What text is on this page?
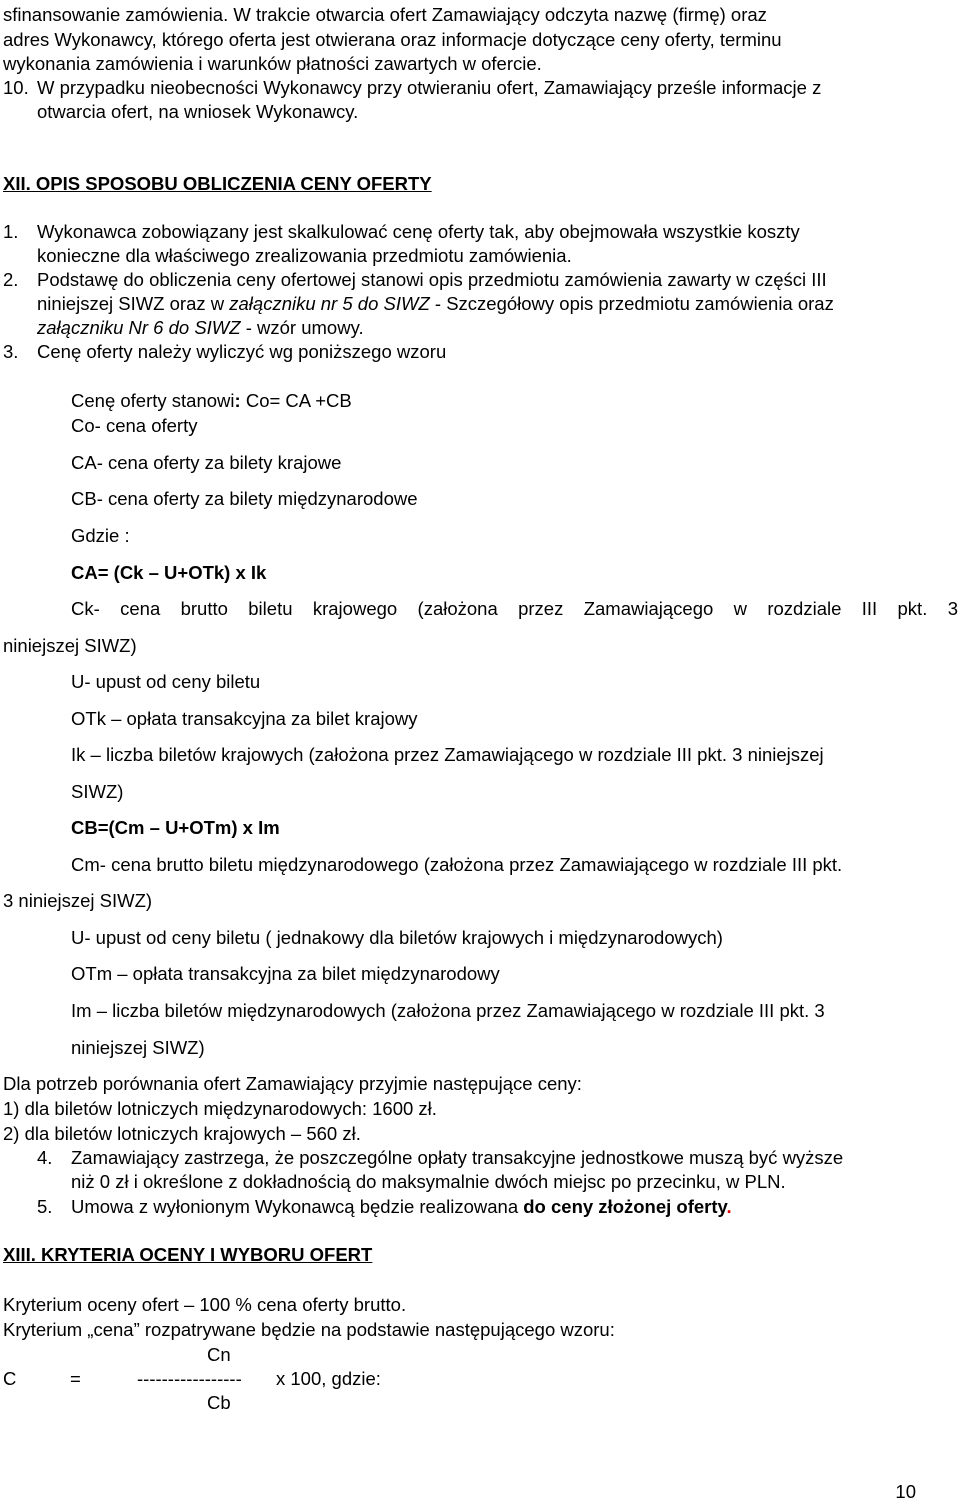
sfinansowanie zamówienia. W trakcie otwarcia ofert Zamawiający odczyta nazwę (firmę) oraz
adres Wykonawcy, którego oferta jest otwierana oraz informacje dotyczące ceny oferty, terminu
wykonania zamówienia i warunków płatności zawartych w ofercie.
10. W przypadku nieobecności Wykonawcy przy otwieraniu ofert, Zamawiający prześle informacje z
otwarcia ofert, na wniosek Wykonawcy.
XII. OPIS SPOSOBU OBLICZENIA CENY OFERTY
1. Wykonawca zobowiązany jest skalkulować cenę oferty tak, aby obejmowała wszystkie koszty
konieczne dla właściwego zrealizowania przedmiotu zamówienia.
2. Podstawę do obliczenia ceny ofertowej stanowi opis przedmiotu zamówienia zawarty w części III
niniejszej SIWZ oraz w załączniku nr 5 do SIWZ - Szczegółowy opis przedmiotu zamówienia oraz
załączniku Nr 6 do SIWZ - wzór umowy.
3. Cenę oferty należy wyliczyć wg poniższego wzoru
Cenę oferty stanowi: Co= CA +CB
Co- cena oferty
CA- cena oferty za bilety krajowe
CB- cena oferty za bilety międzynarodowe
Gdzie :
CA= (Ck – U+OTk) x Ik
Ck- cena brutto biletu krajowego (założona przez Zamawiającego w rozdziale III pkt. 3
niniejszej SIWZ)
U- upust od ceny biletu
OTk – opłata transakcyjna za bilet krajowy
Ik – liczba biletów krajowych (założona przez Zamawiającego w rozdziale III pkt. 3 niniejszej
SIWZ)
CB=(Cm – U+OTm) x Im
Cm- cena brutto biletu międzynarodowego (założona przez Zamawiającego w rozdziale III pkt.
3 niniejszej SIWZ)
U- upust od ceny biletu ( jednakowy dla biletów krajowych i międzynarodowych)
OTm – opłata transakcyjna za bilet międzynarodowy
Im – liczba biletów międzynarodowych (założona przez Zamawiającego w rozdziale III pkt. 3
niniejszej SIWZ)
Dla potrzeb porównania ofert Zamawiający przyjmie następujące ceny:
1) dla biletów lotniczych międzynarodowych: 1600 zł.
2) dla biletów lotniczych krajowych – 560 zł.
4. Zamawiający zastrzega, że poszczególne opłaty transakcyjne jednostkowe muszą być wyższe
niż 0 zł i określone z dokładnością do maksymalnie dwóch miejsc po przecinku, w PLN.
5. Umowa z wyłonionym Wykonawcą będzie realizowana do ceny złożonej oferty.
XIII. KRYTERIA OCENY I WYBORU OFERT
Kryterium oceny ofert – 100 % cena oferty brutto.
Kryterium „cena” rozpatrywane będzie na podstawie następującego wzoru:
Cn
C	=	----------------- x 100, gdzie:
Cb
10
